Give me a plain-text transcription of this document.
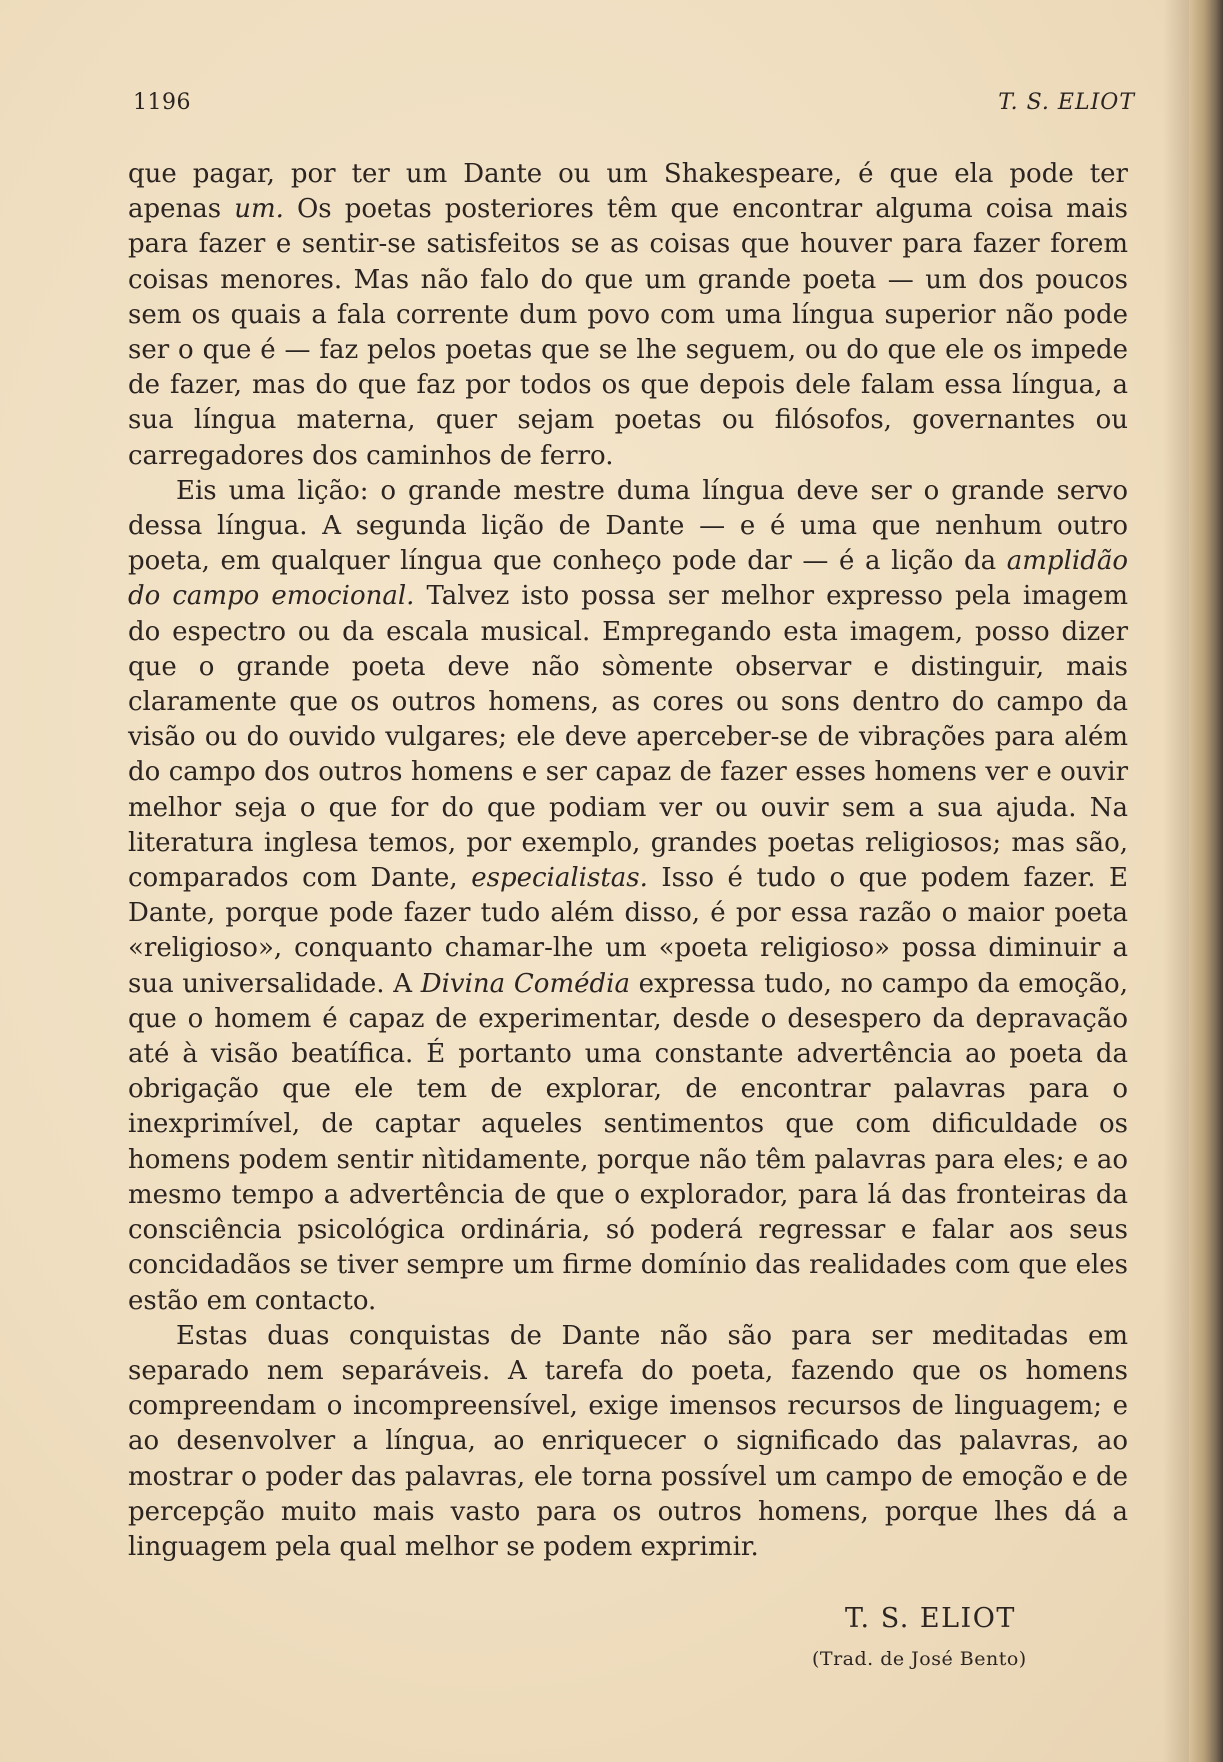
1196	T. S. ELIOT

que pagar, por ter um Dante ou um Shakespeare, é que ela pode ter apenas um. Os poetas posteriores têm que encontrar alguma coisa mais para fazer e sentir-se satisfeitos se as coisas que houver para fazer forem coisas menores. Mas não falo do que um grande poeta — um dos poucos sem os quais a fala corrente dum povo com uma língua superior não pode ser o que é — faz pelos poetas que se lhe seguem, ou do que ele os impede de fazer, mas do que faz por todos os que depois dele falam essa língua, a sua língua materna, quer sejam poetas ou filósofos, governantes ou carregadores dos caminhos de ferro.

Eis uma lição: o grande mestre duma língua deve ser o grande servo dessa língua. A segunda lição de Dante — e é uma que nenhum outro poeta, em qualquer língua que conheço pode dar — é a lição da amplidão do campo emocional. Talvez isto possa ser melhor expresso pela imagem do espectro ou da escala musical. Empregando esta imagem, posso dizer que o grande poeta deve não sòmente observar e distinguir, mais claramente que os outros homens, as cores ou sons dentro do campo da visão ou do ouvido vulgares; ele deve aperceber-se de vibrações para além do campo dos outros homens e ser capaz de fazer esses homens ver e ouvir melhor seja o que for do que podiam ver ou ouvir sem a sua ajuda. Na literatura inglesa temos, por exemplo, grandes poetas religiosos; mas são, comparados com Dante, especialistas. Isso é tudo o que podem fazer. E Dante, porque pode fazer tudo além disso, é por essa razão o maior poeta «religioso», conquanto chamar-lhe um «poeta religioso» possa diminuir a sua universalidade. A Divina Comédia expressa tudo, no campo da emoção, que o homem é capaz de experimentar, desde o desespero da depravação até à visão beatífica. É portanto uma constante advertência ao poeta da obrigação que ele tem de explorar, de encontrar palavras para o inexprimível, de captar aqueles sentimentos que com dificuldade os homens podem sentir nìtidamente, porque não têm palavras para eles; e ao mesmo tempo a advertência de que o explorador, para lá das fronteiras da consciência psicológica ordinária, só poderá regressar e falar aos seus concidadãos se tiver sempre um firme domínio das realidades com que eles estão em contacto.

Estas duas conquistas de Dante não são para ser meditadas em separado nem separáveis. A tarefa do poeta, fazendo que os homens compreendam o incompreensível, exige imensos recursos de linguagem; e ao desenvolver a língua, ao enriquecer o significado das palavras, ao mostrar o poder das palavras, ele torna possível um campo de emoção e de percepção muito mais vasto para os outros homens, porque lhes dá a linguagem pela qual melhor se podem exprimir.

T. S. ELIOT
(Trad. de José Bento)
